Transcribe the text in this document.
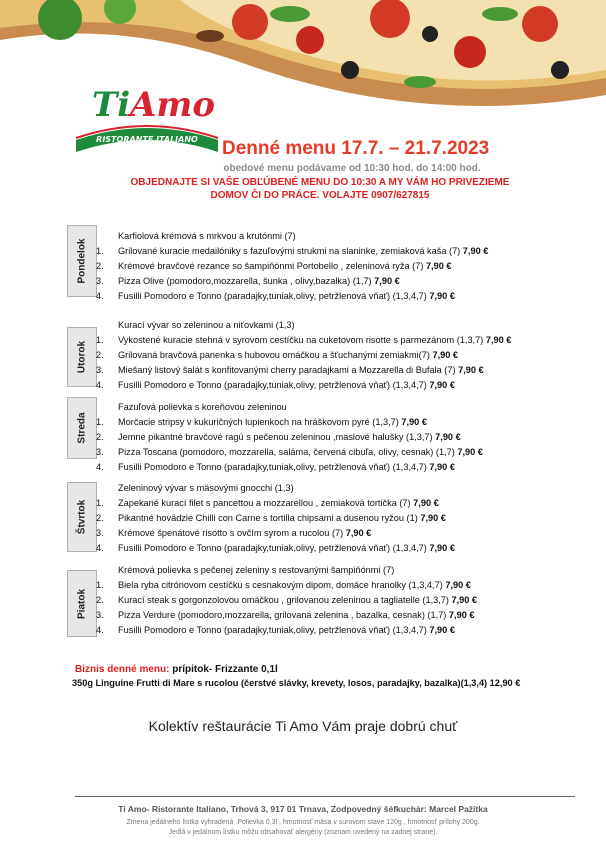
Ti Amo
RISTORANTE ITALIANO Denné menu 17.7. – 21.7.2023
obedové menu podávame od 10:30 hod. do 14:00 hod.
OBJEDNAJTE SI VAŠE OBĽÚBENÉ MENU DO 10:30 A MY VÁM HO PRIVEZIEME
DOMOV ČI DO PRÁCE. VOLAJTE 0907/627815
Pondelok
Karfiolová krémová s mrkvou a krutónmi (7)
1. Grilované kuracie medailóniky s fazuľovými strukmi na slaninke, zemiaková kaša (7) 7,90 €
2. Krémové bravčové rezance so šampiňónmi Portobello , zeleninová ryža (7) 7,90 €
3. Pizza Olive (pomodoro,mozzarella, šunka , olivy,bazalka) (1,7) 7,90 €
4. Fusilli Pomodoro e Tonno (paradajky,tuniak,olivy, petržlenová vňať) (1,3,4,7) 7,90 €
Utorok
Kurací vývar so zeleninou a niťovkami (1,3)
1. Vykostené kuracie stehná v syrovom cestíčku na cuketovom risotte s parmezánom (1,3,7) 7,90 €
2. Grilovaná bravčová panenka s hubovou omáčkou a šťuchanými zemiakmi(7) 7,90 €
3. Miešaný listový šalát s konfitovanými cherry paradajkami a Mozzarella di Bufala (7) 7,90 €
4. Fusilli Pomodoro e Tonno (paradajky,tuniak,olivy, petržlenová vňať) (1,3,4,7) 7,90 €
Streda
Fazuľová polievka s koreňovou zeleninou
1. Morčacie stripsy v kukuričných lupienkoch na hráškovom pyré (1,3,7) 7,90 €
2. Jemne pikantné bravčové ragú s pečenou zeleninou ,maslové halušky (1,3,7) 7,90 €
3. Pizza Toscana (pomodoro, mozzarella, saláma, červená cibuľa, olivy, cesnak) (1,7) 7,90 €
4. Fusilli Pomodoro e Tonno (paradajky,tuniak,olivy, petržlenová vňať) (1,3,4,7) 7,90 €
Štvrtok
Zeleninový vývar s mäsovými gnocchi (1,3)
1. Zapekané kurací filet s pancettou a mozzarellou , zemiaková tortička (7) 7,90 €
2. Pikantné hovädzie Chilli con Carne s tortilla chipsami a dusenou ryžou (1) 7,90 €
3. Krémové špenátové risotto s ovčím syrom a rucolou (7) 7,90 €
4. Fusilli Pomodoro e Tonno (paradajky,tuniak,olivy, petržlenová vňať) (1,3,4,7) 7,90 €
Piatok
Krémová polievka s pečenej zeleniny s restovanými šampiňónmi (7)
1. Biela ryba citrónovom cestíčku s cesnakovým dipom, domáce hranolky (1,3,4,7) 7,90 €
2. Kurací steak s gorgonzolovou omáčkou , grilovanou zeleninou a tagliatelle (1,3,7) 7,90 €
3. Pizza Verdure (pomodoro,mozzarella, grilovaná zelenina , bazalka, cesnak) (1,7) 7,90 €
4. Fusilli Pomodoro e Tonno (paradajky,tuniak,olivy, petržlenová vňať) (1,3,4,7) 7,90 €
Biznis denné menu: prípitok- Frizzante 0,1l
350g Linguine Frutti di Mare s rucolou (čerstvé slávky, krevety, losos, paradajky, bazalka)(1,3,4) 12,90 €
Kolektív reštaurácie Ti Amo Vám praje dobrú chuť
Ti Amo- Ristorante Italiano, Trhová 3, 917 01 Trnava, Zodpovedný šéfkuchár: Marcel Pažitka
Zmena jedálneho lístka vyhradená .Polievka 0,3l , hmotnosť mäsa v surovom stave 120g , hmotnosť prílohy 200g.
Jedlá v jedálnom lístku môžu obsahovať alergény (zoznam uvedený na zadnej strane).
